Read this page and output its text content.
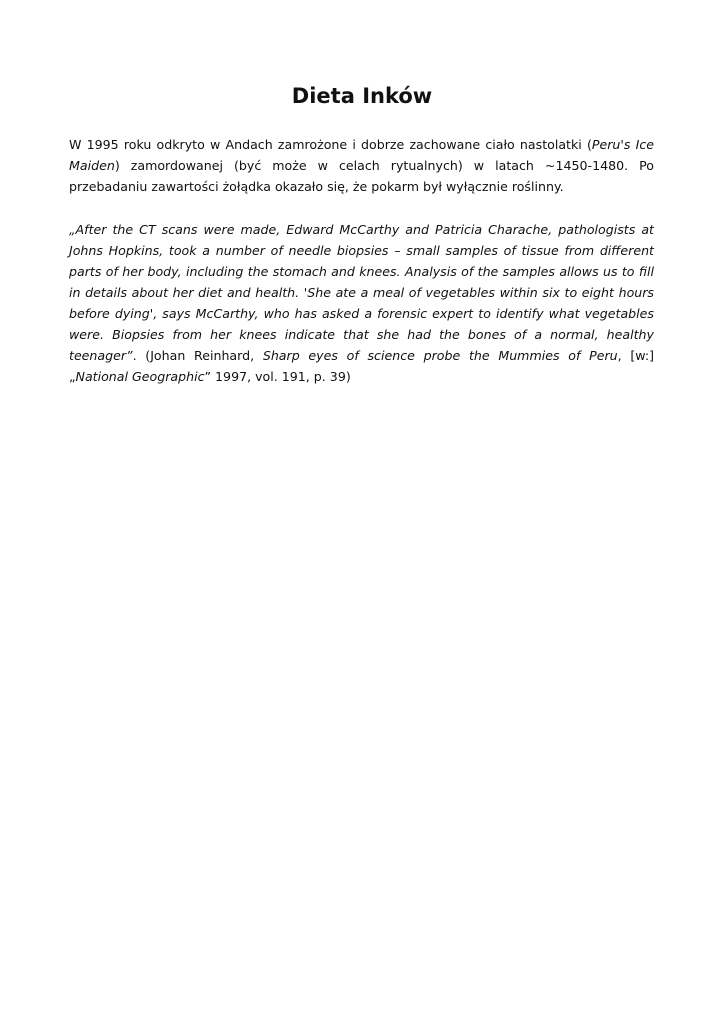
Dieta Inków

W 1995 roku odkryto w Andach zamrożone i dobrze zachowane ciało nastolatki (Peru's Ice Maiden) zamordowanej (być może w celach rytualnych) w latach ~1450-1480. Po przebadaniu zawartości żołądka okazało się, że pokarm był wyłącznie roślinny.

„After the CT scans were made, Edward McCarthy and Patricia Charache, pathologists at Johns Hopkins, took a number of needle biopsies – small samples of tissue from different parts of her body, including the stomach and knees. Analysis of the samples allows us to fill in details about her diet and health. 'She ate a meal of vegetables within six to eight hours before dying', says McCarthy, who has asked a forensic expert to identify what vegetables were. Biopsies from her knees indicate that she had the bones of a normal, healthy teenager”. (Johan Reinhard, Sharp eyes of science probe the Mummies of Peru, [w:] „National Geographic” 1997, vol. 191, p. 39)
